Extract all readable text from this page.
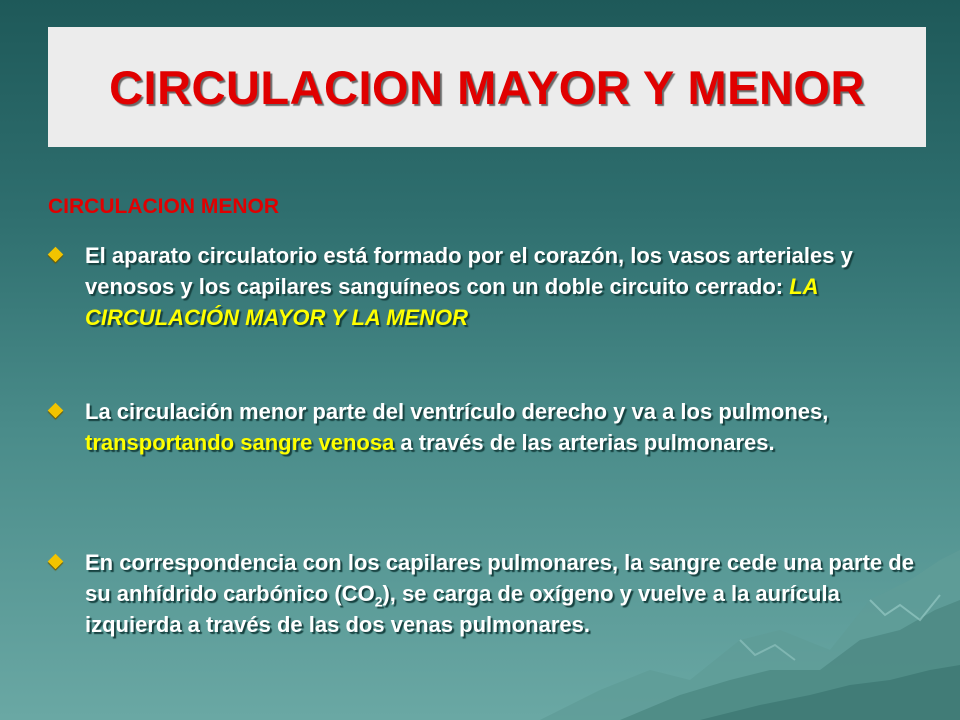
CIRCULACION MAYOR Y MENOR
CIRCULACION MENOR
El aparato circulatorio está formado por el corazón, los vasos arteriales y venosos y los capilares sanguíneos con un doble circuito cerrado: LA CIRCULACIÓN MAYOR Y LA MENOR
La circulación menor parte del ventrículo derecho y va a los pulmones, transportando sangre venosa a través de las arterias pulmonares.
En correspondencia con los capilares pulmonares, la sangre cede una parte de su anhídrido carbónico $(CO_2)$, se carga de oxígeno y vuelve a la aurícula izquierda a través de las dos venas pulmonares.
